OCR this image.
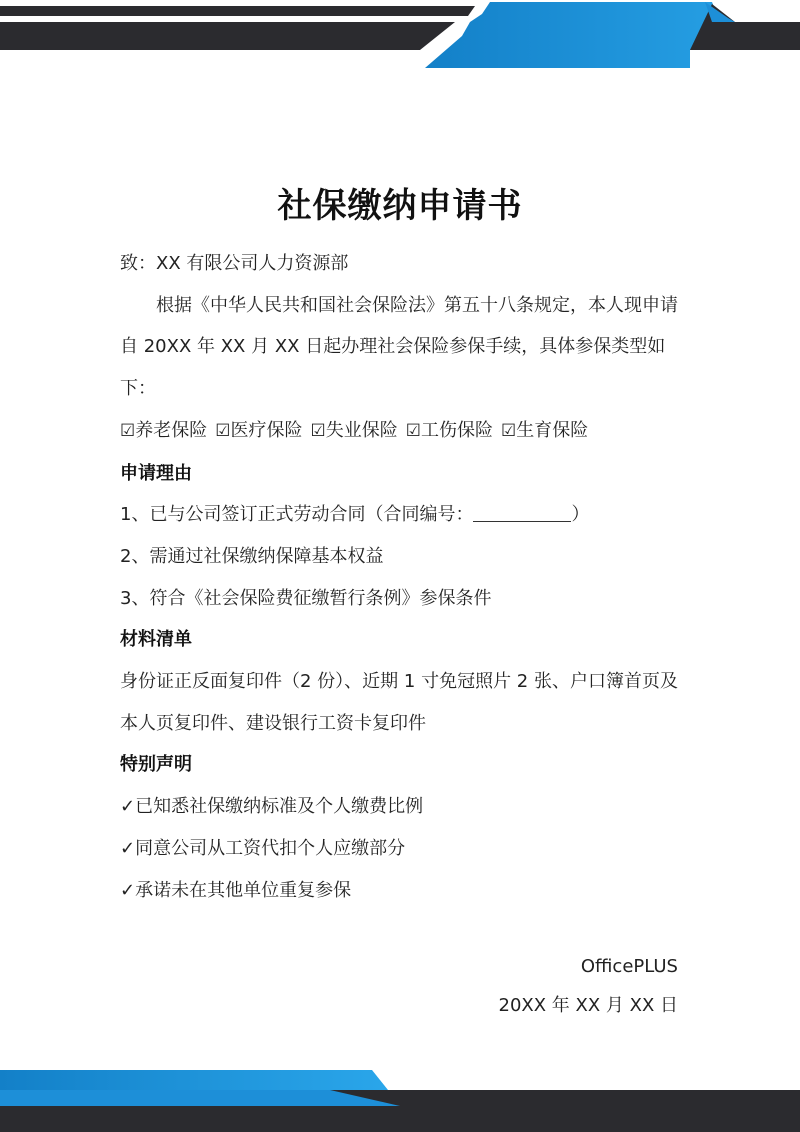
社保缴纳申请书
致：XX 有限公司人力资源部
根据《中华人民共和国社会保险法》第五十八条规定，本人现申请自 20XX 年 XX 月 XX 日起办理社会保险参保手续，具体参保类型如下：
☑养老保险 ☑医疗保险 ☑失业保险 ☑工伤保险 ☑生育保险
申请理由
1、已与公司签订正式劳动合同（合同编号：	）
2、需通过社保缴纳保障基本权益
3、符合《社会保险费征缴暂行条例》参保条件
材料清单
身份证正反面复印件（2 份）、近期 1 寸免冠照片 2 张、户口簿首页及本人页复印件、建设银行工资卡复印件
特别声明
✓已知悉社保缴纳标准及个人缴费比例
✓同意公司从工资代扣个人应缴部分
✓承诺未在其他单位重复参保
OfficePLUS
20XX 年 XX 月 XX 日
